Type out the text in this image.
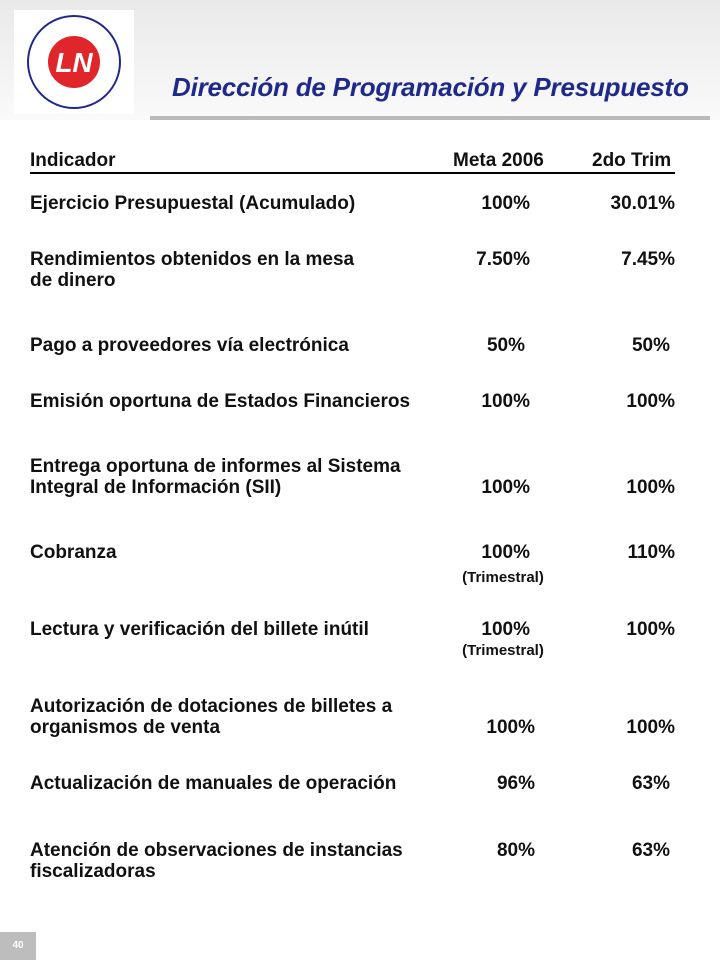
LN
Dirección de Programación y Presupuesto
Indicador	Meta 2006	2do Trim
Ejercicio Presupuestal (Acumulado)	100%	30.01%
Rendimientos obtenidos en la mesa
de dinero
7.50%	7.45%
Pago a proveedores vía electrónica	50%	50%
Emisión oportuna de Estados Financieros	100%	100%
Entrega oportuna de informes al Sistema
Integral de Información (SII)	100%	100%
Cobranza	100%	110%
(Trimestral)
Lectura y verificación del billete inútil	100%	100%
(Trimestral)
Autorización de dotaciones de billetes a
organismos de venta	100%	100%
Actualización de manuales de operación	96%	63%
Atención de observaciones de instancias
fiscalizadoras
80%	63%
40
